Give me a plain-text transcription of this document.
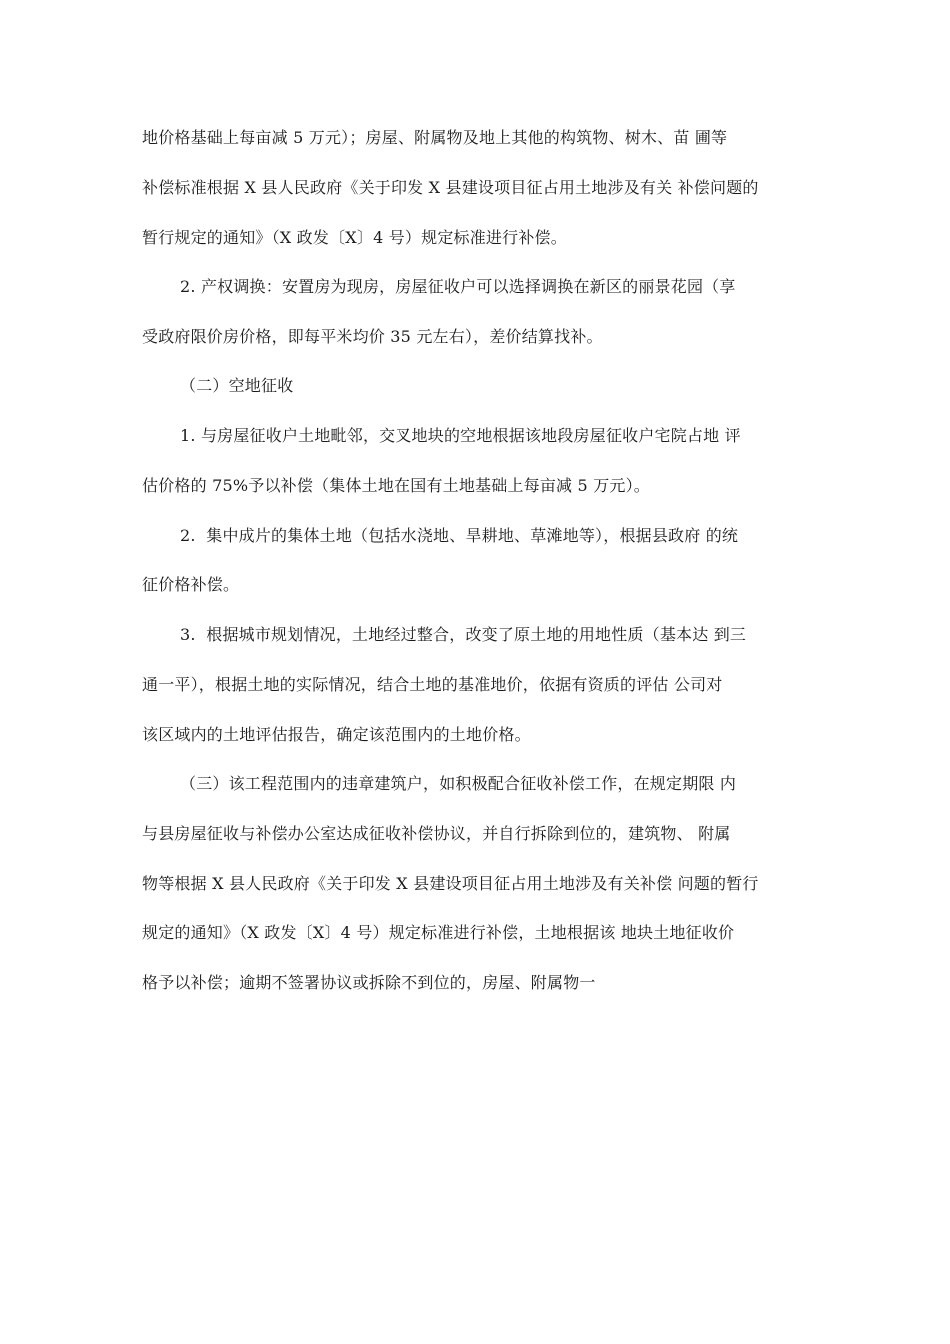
地价格基础上每亩减 5 万元）；房屋、附属物及地上其他的构筑物、树木、苗 圃等
补偿标准根据 X 县人民政府《关于印发 X 县建设项目征占用土地涉及有关 补偿问题的
暂行规定的通知》（X 政发〔X〕4 号）规定标准进行补偿。
2. 产权调换：安置房为现房，房屋征收户可以选择调换在新区的丽景花园（享
受政府限价房价格，即每平米均价 35 元左右），差价结算找补。
（二）空地征收
1. 与房屋征收户土地毗邻，交叉地块的空地根据该地段房屋征收户宅院占地 评
估价格的 75%予以补偿（集体土地在国有土地基础上每亩减 5 万元）。
2.  集中成片的集体土地（包括水浇地、旱耕地、草滩地等），根据县政府 的统
征价格补偿。
3.  根据城市规划情况，土地经过整合，改变了原土地的用地性质（基本达 到三
通一平），根据土地的实际情况，结合土地的基准地价，依据有资质的评估 公司对
该区域内的土地评估报告，确定该范围内的土地价格。
（三）该工程范围内的违章建筑户，如积极配合征收补偿工作，在规定期限 内
与县房屋征收与补偿办公室达成征收补偿协议，并自行拆除到位的，建筑物、 附属
物等根据 X 县人民政府《关于印发 X 县建设项目征占用土地涉及有关补偿 问题的暂行
规定的通知》（X 政发〔X〕4 号）规定标准进行补偿，土地根据该 地块土地征收价
格予以补偿；逾期不签署协议或拆除不到位的，房屋、附属物一
